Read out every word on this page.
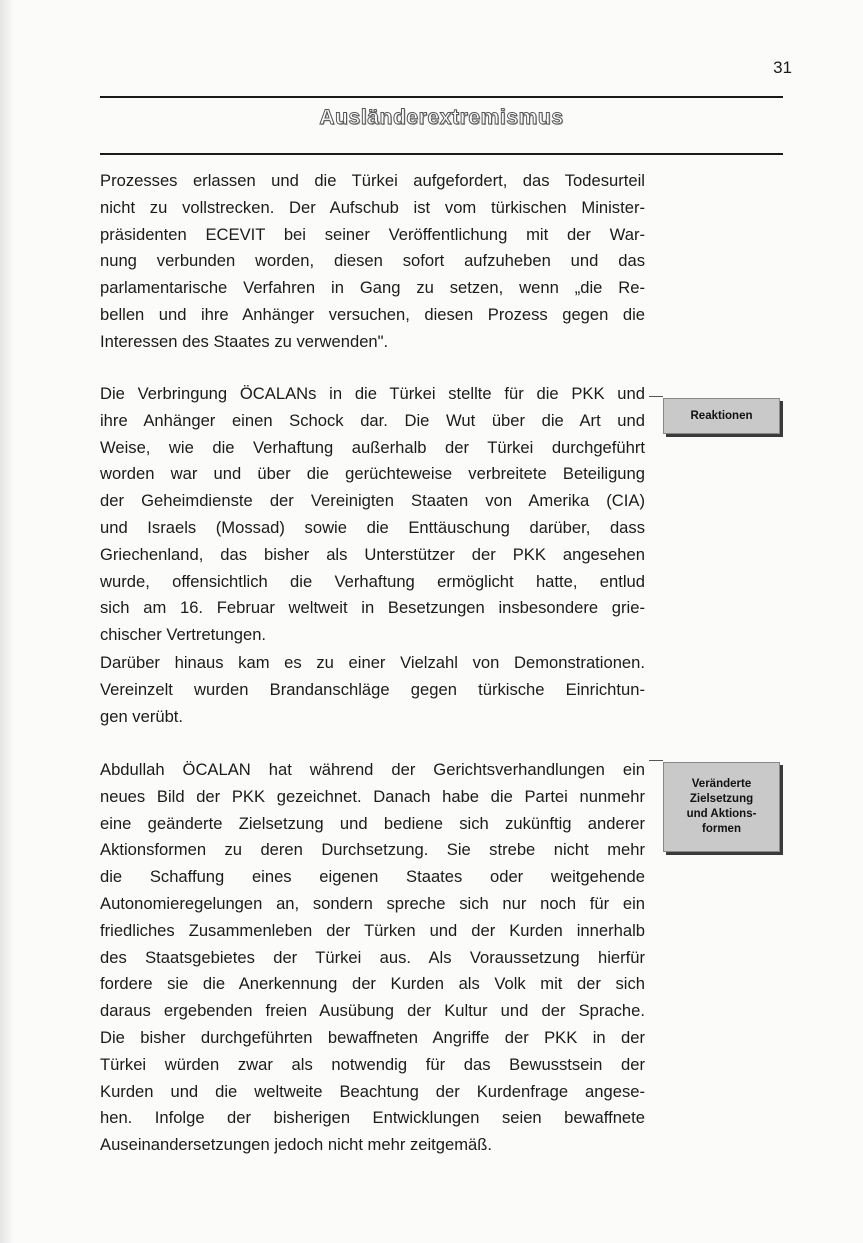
31
Ausländerextremismus
Prozesses erlassen und die Türkei aufgefordert, das Todesurteil
nicht zu vollstrecken. Der Aufschub ist vom türkischen Minister-
präsidenten ECEVIT bei seiner Veröffentlichung mit der War-
nung verbunden worden, diesen sofort aufzuheben und das
parlamentarische Verfahren in Gang zu setzen, wenn „die Re-
bellen und ihre Anhänger versuchen, diesen Prozess gegen die
Interessen des Staates zu verwenden".
Reaktionen
Die Verbringung ÖCALANs in die Türkei stellte für die PKK und
ihre Anhänger einen Schock dar. Die Wut über die Art und
Weise, wie die Verhaftung außerhalb der Türkei durchgeführt
worden war und über die gerüchteweise verbreitete Beteiligung
der Geheimdienste der Vereinigten Staaten von Amerika (CIA)
und Israels (Mossad) sowie die Enttäuschung darüber, dass
Griechenland, das bisher als Unterstützer der PKK angesehen
wurde, offensichtlich die Verhaftung ermöglicht hatte, entlud
sich am 16. Februar weltweit in Besetzungen insbesondere grie-
chischer Vertretungen.
Darüber hinaus kam es zu einer Vielzahl von Demonstrationen.
Vereinzelt wurden Brandanschläge gegen türkische Einrichtun-
gen verübt.
Veränderte
Zielsetzung
und Aktions-
formen
Abdullah ÖCALAN hat während der Gerichtsverhandlungen ein
neues Bild der PKK gezeichnet. Danach habe die Partei nunmehr
eine geänderte Zielsetzung und bediene sich zukünftig anderer
Aktionsformen zu deren Durchsetzung. Sie strebe nicht mehr
die Schaffung eines eigenen Staates oder weitgehende
Autonomieregelungen an, sondern spreche sich nur noch für ein
friedliches Zusammenleben der Türken und der Kurden innerhalb
des Staatsgebietes der Türkei aus. Als Voraussetzung hierfür
fordere sie die Anerkennung der Kurden als Volk mit der sich
daraus ergebenden freien Ausübung der Kultur und der Sprache.
Die bisher durchgeführten bewaffneten Angriffe der PKK in der
Türkei würden zwar als notwendig für das Bewusstsein der
Kurden und die weltweite Beachtung der Kurdenfrage angese-
hen. Infolge der bisherigen Entwicklungen seien bewaffnete
Auseinandersetzungen jedoch nicht mehr zeitgemäß.
